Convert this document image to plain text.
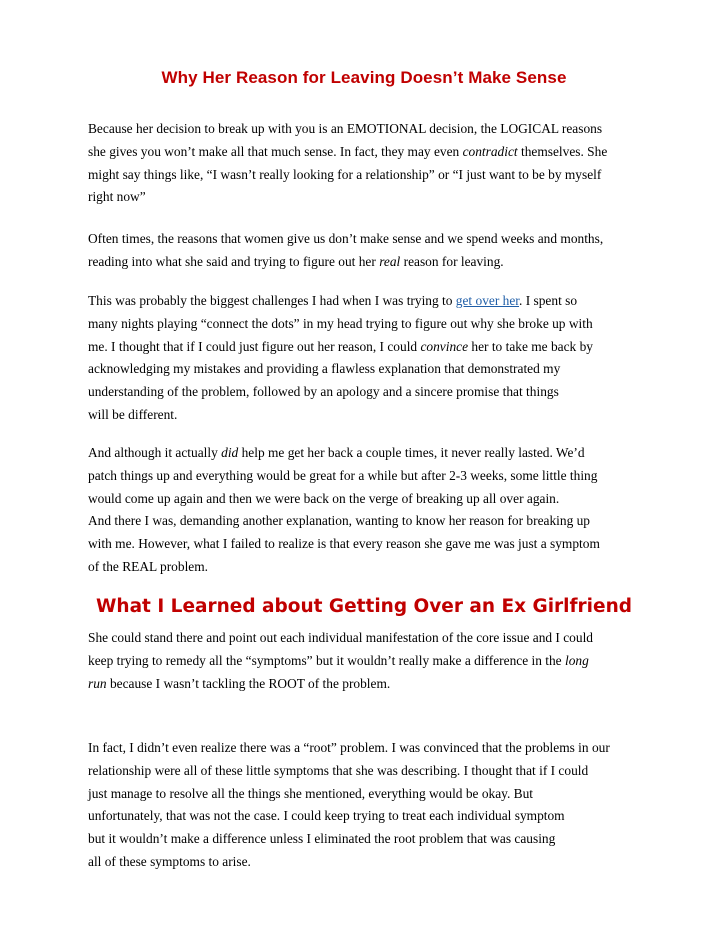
Why Her Reason for Leaving Doesn’t Make Sense

Because her decision to break up with you is an EMOTIONAL decision, the LOGICAL reasons
she gives you won’t make all that much sense. In fact, they may even contradict themselves. She
might say things like, “I wasn’t really looking for a relationship” or “I just want to be by myself
right now”

Often times, the reasons that women give us don’t make sense and we spend weeks and months,
reading into what she said and trying to figure out her real reason for leaving.

This was probably the biggest challenges I had when I was trying to get over her. I spent so
many nights playing “connect the dots” in my head trying to figure out why she broke up with
me. I thought that if I could just figure out her reason, I could convince her to take me back by
acknowledging my mistakes and providing a flawless explanation that demonstrated my
understanding of the problem, followed by an apology and a sincere promise that things
will be different.

And although it actually did help me get her back a couple times, it never really lasted. We’d
patch things up and everything would be great for a while but after 2-3 weeks, some little thing
would come up again and then we were back on the verge of breaking up all over again.
And there I was, demanding another explanation, wanting to know her reason for breaking up
with me. However, what I failed to realize is that every reason she gave me was just a symptom
of the REAL problem.

What I Learned about Getting Over an Ex Girlfriend

She could stand there and point out each individual manifestation of the core issue and I could
keep trying to remedy all the “symptoms” but it wouldn’t really make a difference in the long
run because I wasn’t tackling the ROOT of the problem.

In fact, I didn’t even realize there was a “root” problem. I was convinced that the problems in our
relationship were all of these little symptoms that she was describing. I thought that if I could
just manage to resolve all the things she mentioned, everything would be okay. But
unfortunately, that was not the case. I could keep trying to treat each individual symptom
but it wouldn’t make a difference unless I eliminated the root problem that was causing
all of these symptoms to arise.
